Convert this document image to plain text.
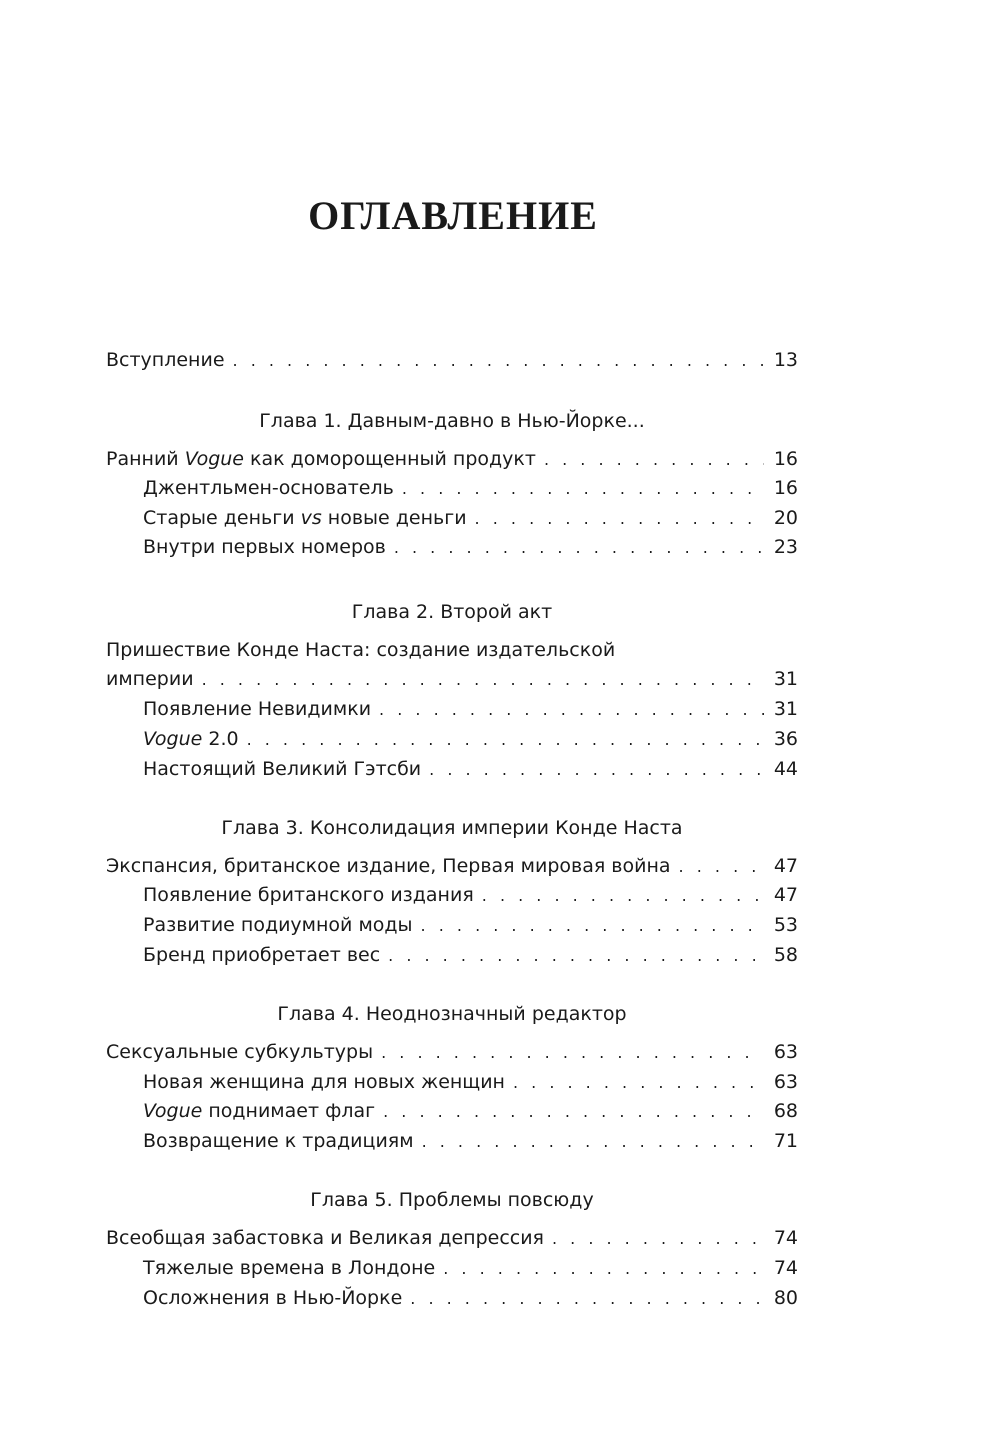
ОГЛАВЛЕНИЕ
Вступление . . .	13
Глава 1. Давным-давно в Нью-Йорке...
Ранний Vogue как доморощенный продукт . . .	16
Джентльмен-основатель . . .	16
Старые деньги vs новые деньги . . .	20
Внутри первых номеров . . .	23
Глава 2. Второй акт
Пришествие Конде Наста: создание издательской
империи . . .	31
Появление Невидимки . . .	31
Vogue 2.0 . . .	36
Настоящий Великий Гэтсби . . .	44
Глава 3. Консолидация империи Конде Наста
Экспансия, британское издание, Первая мировая война . . .	47
Появление британского издания . . .	47
Развитие подиумной моды . . .	53
Бренд приобретает вес . . .	58
Глава 4. Неоднозначный редактор
Сексуальные субкультуры . . .	63
Новая женщина для новых женщин . . .	63
Vogue поднимает флаг . . .	68
Возвращение к традициям . . .	71
Глава 5. Проблемы повсюду
Всеобщая забастовка и Великая депрессия . . .	74
Тяжелые времена в Лондоне . . .	74
Осложнения в Нью-Йорке . . .	80
